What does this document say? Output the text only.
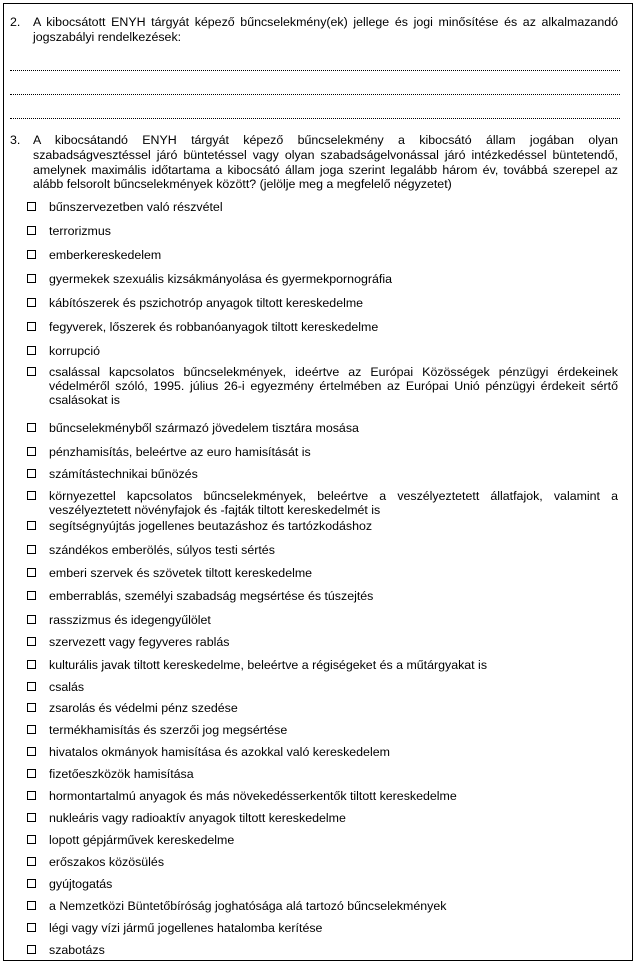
2. A kibocsátott ENYH tárgyát képező bűncselekmény(ek) jellege és jogi minősítése és az alkalmazandó jogszabályi rendelkezések:
3. A kibocsátandó ENYH tárgyát képező bűncselekmény a kibocsátó állam jogában olyan szabadságvesztéssel járó büntetéssel vagy olyan szabadságelvonással járó intézkedéssel büntetendő, amelynek maximális időtartama a kibocsátó állam joga szerint legalább három év, továbbá szerepel az alább felsorolt bűncselekmények között? (jelölje meg a megfelelő négyzetet)
bűnszervezetben való részvétel
terrorizmus
emberkereskedelem
gyermekek szexuális kizsákmányolása és gyermekpornográfia
kábítószerek és pszichotróp anyagok tiltott kereskedelme
fegyverek, lőszerek és robbanóanyagok tiltott kereskedelme
korrupció
csalással kapcsolatos bűncselekmények, ideértve az Európai Közösségek pénzügyi érdekeinek védelméről szóló, 1995. július 26-i egyezmény értelmében az Európai Unió pénzügyi érdekeit sértő csalásokat is
bűncselekményből származó jövedelem tisztára mosása
pénzhamisítás, beleértve az euro hamisítását is
számítástechnikai bűnözés
környezettel kapcsolatos bűncselekmények, beleértve a veszélyeztetett állatfajok, valamint a veszélyeztetett növényfajok és -fajták tiltott kereskedelmét is
segítségnyújtás jogellenes beutazáshoz és tartózkodáshoz
szándékos emberölés, súlyos testi sértés
emberi szervek és szövetek tiltott kereskedelme
emberrablás, személyi szabadság megsértése és túszejtés
rasszizmus és idegengyűlölet
szervezett vagy fegyveres rablás
kulturális javak tiltott kereskedelme, beleértve a régiségeket és a műtárgyakat is
csalás
zsarolás és védelmi pénz szedése
termékhamisítás és szerzői jog megsértése
hivatalos okmányok hamisítása és azokkal való kereskedelem
fizetőeszközök hamisítása
hormontartalmú anyagok és más növekedésserkentők tiltott kereskedelme
nukleáris vagy radioaktív anyagok tiltott kereskedelme
lopott gépjárművek kereskedelme
erőszakos közösülés
gyújtogatás
a Nemzetközi Büntetőbíróság joghatósága alá tartozó bűncselekmények
légi vagy vízi jármű jogellenes hatalomba kerítése
szabotázs
